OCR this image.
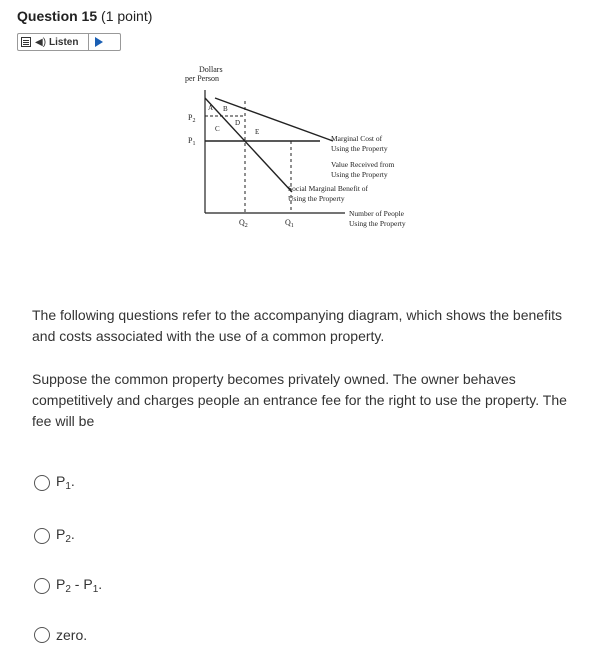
Question 15 (1 point)
◀) Listen
Dollars
per Person
$P_2$
$P_1$
A B
C
D
E
$Q_2$	$Q_1$
Marginal Cost of
Using the Property
Value Received from
Using the Property
Social Marginal Benefit of
Using the Property
Number of People
Using the Property
The following questions refer to the accompanying diagram, which shows the benefits and costs associated with the use of a common property.
Suppose the common property becomes privately owned. The owner behaves competitively and charges people an entrance fee for the right to use the property. The fee will be
$P_1$.
$P_2$.
$P_2 - P_1$.
zero.
